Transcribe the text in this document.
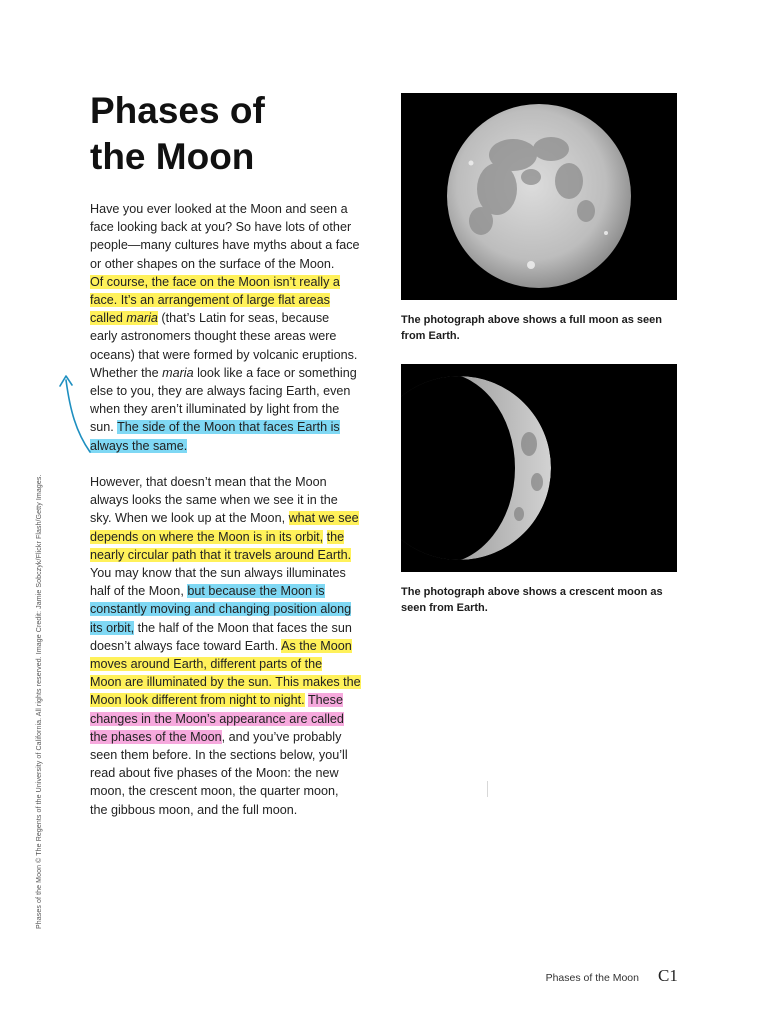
Phases of
the Moon
Have you ever looked at the Moon and seen a
face looking back at you? So have lots of other
people—many cultures have myths about a face
or other shapes on the surface of the Moon.
Of course, the face on the Moon isn’t really a
face. It’s an arrangement of large flat areas
called maria (that’s Latin for seas, because
early astronomers thought these areas were
oceans) that were formed by volcanic eruptions.
Whether the maria look like a face or something
else to you, they are always facing Earth, even
when they aren’t illuminated by light from the
sun. The side of the Moon that faces Earth is
always the same.
However, that doesn’t mean that the Moon
always looks the same when we see it in the
sky. When we look up at the Moon, what we see
depends on where the Moon is in its orbit, the
nearly circular path that it travels around Earth.
You may know that the sun always illuminates
half of the Moon, but because the Moon is
constantly moving and changing position along
its orbit, the half of the Moon that faces the sun
doesn’t always face toward Earth. As the Moon
moves around Earth, different parts of the
Moon are illuminated by the sun. This makes the
Moon look different from night to night. These
changes in the Moon’s appearance are called
the phases of the Moon, and you’ve probably
seen them before. In the sections below, you’ll
read about five phases of the Moon: the new
moon, the crescent moon, the quarter moon,
the gibbous moon, and the full moon.

The photograph above shows a full moon as seen
from Earth.

The photograph above shows a crescent moon as
seen from Earth.

Phases of the Moon © The Regents of the University of California. All rights reserved. Image Credit: Jamie Sobczyk/Flickr Flash/Getty Images.
Phases of the Moon C1
